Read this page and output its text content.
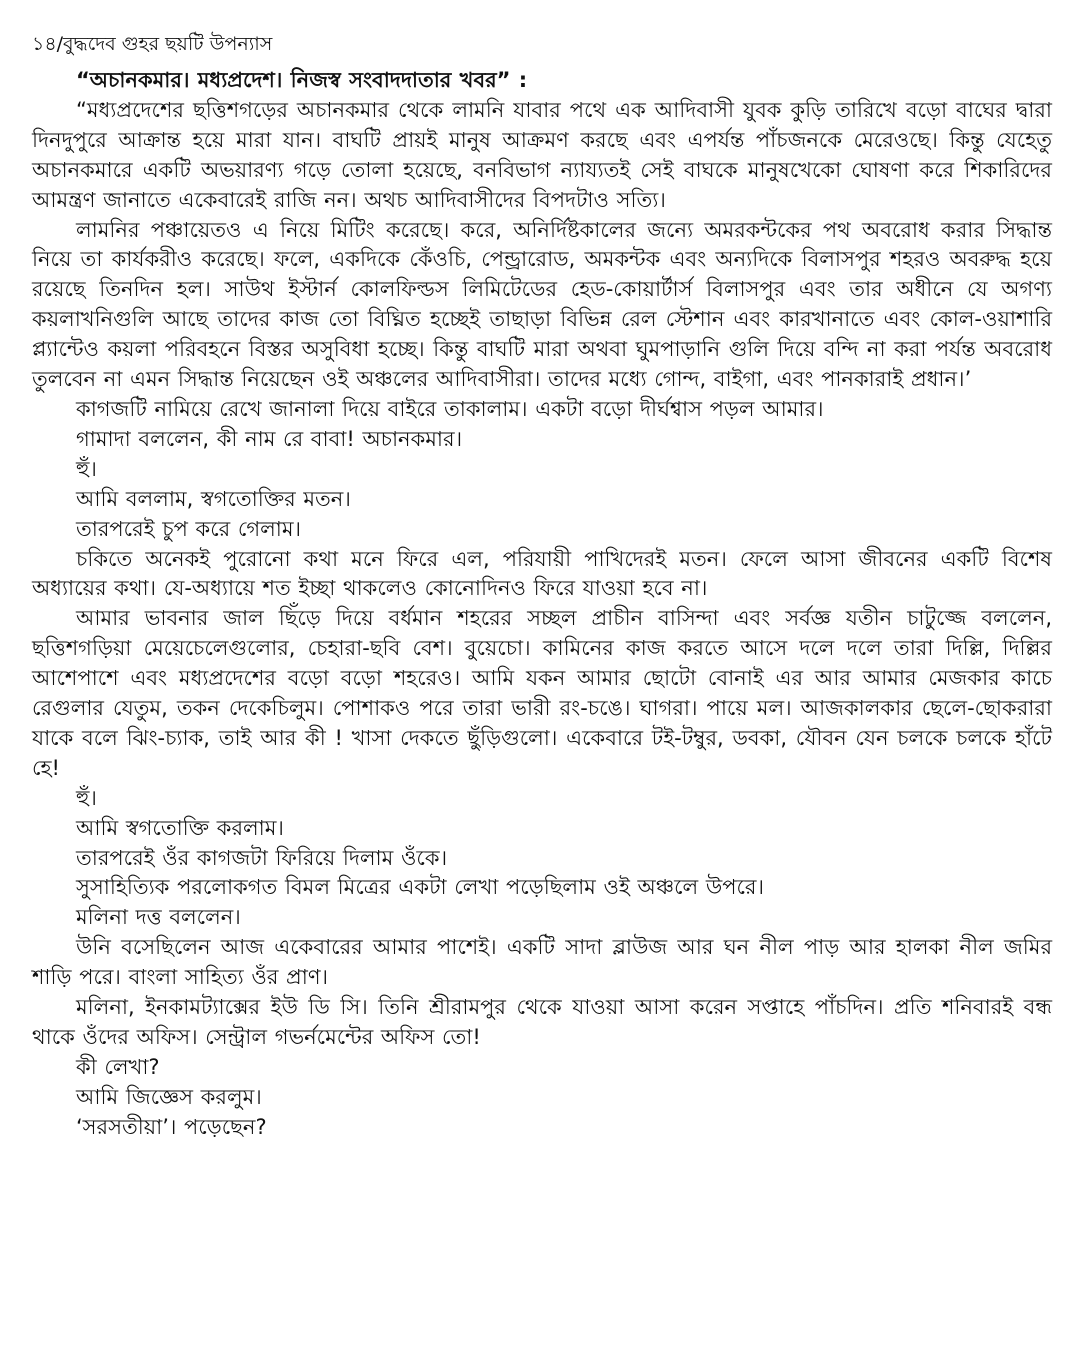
১৪/বুদ্ধদেব গুহর ছয়টি উপন্যাস

“অচানকমার। মধ্যপ্রদেশ। নিজস্ব সংবাদদাতার খবর” :

“মধ্যপ্রদেশের ছত্তিশগড়ের অচানকমার থেকে লামনি যাবার পথে এক আদিবাসী যুবক কুড়ি তারিখে বড়ো বাঘের দ্বারা দিনদুপুরে আক্রান্ত হয়ে মারা যান। বাঘটি প্রায়ই মানুষ আক্রমণ করছে এবং এপর্যন্ত পাঁচজনকে মেরেওছে। কিন্তু যেহেতু অচানকমারে একটি অভয়ারণ্য গড়ে তোলা হয়েছে, বনবিভাগ ন্যায্যতই সেই বাঘকে মানুষখেকো ঘোষণা করে শিকারিদের আমন্ত্রণ জানাতে একেবারেই রাজি নন। অথচ আদিবাসীদের বিপদটাও সত্যি।

লামনির পঞ্চায়েতও এ নিয়ে মিটিং করেছে। করে, অনির্দিষ্টকালের জন্যে অমরকন্টকের পথ অবরোধ করার সিদ্ধান্ত নিয়ে তা কার্যকরীও করেছে। ফলে, একদিকে কেঁওচি, পেন্ড্রারোড, অমকন্টক এবং অন্যদিকে বিলাসপুর শহরও অবরুদ্ধ হয়ে রয়েছে তিনদিন হল। সাউথ ইস্টার্ন কোলফিল্ডস লিমিটেডের হেড-কোয়ার্টার্স বিলাসপুর এবং তার অধীনে যে অগণ্য কয়লাখনিগুলি আছে তাদের কাজ তো বিঘ্নিত হচ্ছেই তাছাড়া বিভিন্ন রেল স্টেশান এবং কারখানাতে এবং কোল-ওয়াশারি প্ল্যান্টেও কয়লা পরিবহনে বিস্তর অসুবিধা হচ্ছে। কিন্তু বাঘটি মারা অথবা ঘুমপাড়ানি গুলি দিয়ে বন্দি না করা পর্যন্ত অবরোধ তুলবেন না এমন সিদ্ধান্ত নিয়েছেন ওই অঞ্চলের আদিবাসীরা। তাদের মধ্যে গোন্দ, বাইগা, এবং পানকারাই প্রধান।’

কাগজটি নামিয়ে রেখে জানালা দিয়ে বাইরে তাকালাম। একটা বড়ো দীর্ঘশ্বাস পড়ল আমার।

গামাদা বললেন, কী নাম রে বাবা! অচানকমার।

হুঁ।

আমি বললাম, স্বগতোক্তির মতন।

তারপরেই চুপ করে গেলাম।

চকিতে অনেকই পুরোনো কথা মনে ফিরে এল, পরিযায়ী পাখিদেরই মতন। ফেলে আসা জীবনের একটি বিশেষ অধ্যায়ের কথা। যে-অধ্যায়ে শত ইচ্ছা থাকলেও কোনোদিনও ফিরে যাওয়া হবে না।

আমার ভাবনার জাল ছিঁড়ে দিয়ে বর্ধমান শহরের সচ্ছল প্রাচীন বাসিন্দা এবং সর্বজ্ঞ যতীন চাটুজ্জে বললেন, ছত্তিশগড়িয়া মেয়েচেলেগুলোর, চেহারা-ছবি বেশ। বুয়েচো। কামিনের কাজ করতে আসে দলে দলে তারা দিল্লি, দিল্লির আশেপাশে এবং মধ্যপ্রদেশের বড়ো বড়ো শহরেও। আমি যকন আমার ছোটো বোনাই এর আর আমার মেজকার কাচে রেগুলার যেতুম, তকন দেকেচিলুম। পোশাকও পরে তারা ভারী রং-চঙে। ঘাগরা। পায়ে মল। আজকালকার ছেলে-ছোকরারা যাকে বলে ঝিং-চ্যাক, তাই আর কী ! খাসা দেকতে ছুঁড়িগুলো। একেবারে টই-টম্বুর, ডবকা, যৌবন যেন চলকে চলকে হাঁটে হে!

হুঁ।

আমি স্বগতোক্তি করলাম।

তারপরেই ওঁর কাগজটা ফিরিয়ে দিলাম ওঁকে।

সুসাহিত্যিক পরলোকগত বিমল মিত্রের একটা লেখা পড়েছিলাম ওই অঞ্চলে উপরে।

মলিনা দত্ত বললেন।

উনি বসেছিলেন আজ একেবারের আমার পাশেই। একটি সাদা ব্লাউজ আর ঘন নীল পাড় আর হালকা নীল জমির শাড়ি পরে। বাংলা সাহিত্য ওঁর প্রাণ।

মলিনা, ইনকামট্যাক্সের ইউ ডি সি। তিনি শ্রীরামপুর থেকে যাওয়া আসা করেন সপ্তাহে পাঁচদিন। প্রতি শনিবারই বন্ধ থাকে ওঁদের অফিস। সেন্ট্রাল গভর্নমেন্টের অফিস তো!

কী লেখা?

আমি জিজ্ঞেস করলুম।

‘সরসতীয়া’। পড়েছেন?
